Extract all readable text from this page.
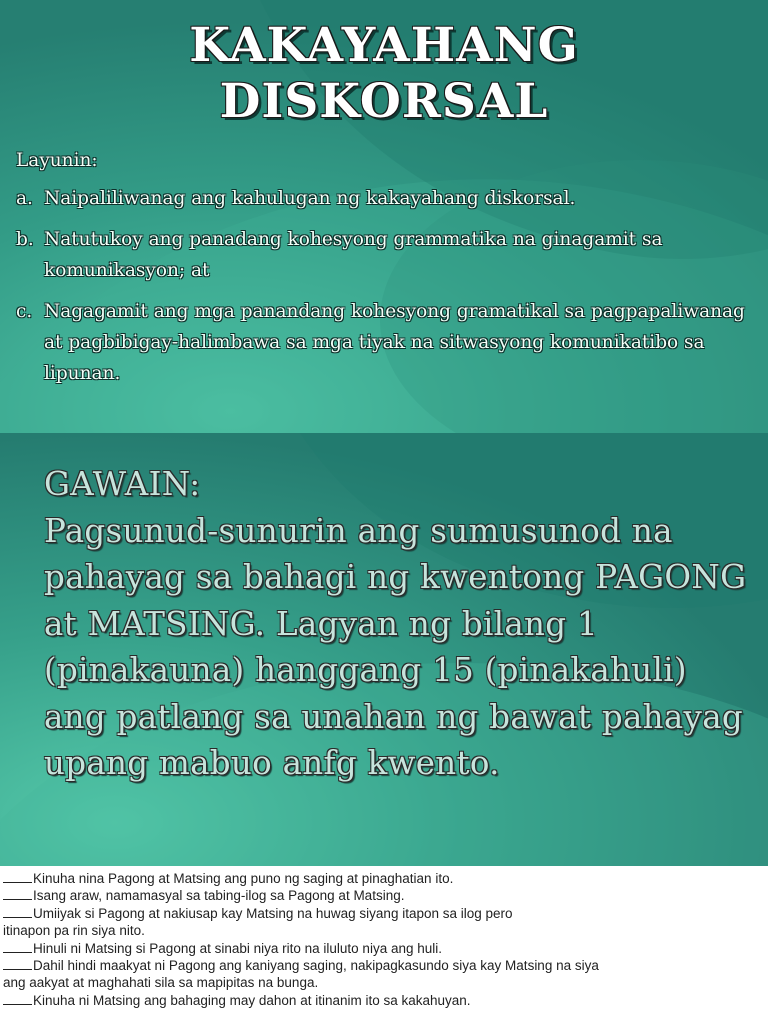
KAKAYAHANG
DISKORSAL
Layunin:
a. Naipaliliwanag ang kahulugan ng kakayahang diskorsal.
b. Natutukoy ang panadang kohesyong grammatika na ginagamit sa komunikasyon; at
c. Nagagamit ang mga panandang kohesyong gramatikal sa pagpapaliwanag at pagbibigay-halimbawa sa mga tiyak na sitwasyong komunikatibo sa lipunan.
GAWAIN:
Pagsunud-sunurin ang sumusunod na pahayag sa bahagi ng kwentong PAGONG at MATSING. Lagyan ng bilang 1 (pinakauna) hanggang 15 (pinakahuli) ang patlang sa unahan ng bawat pahayag upang mabuo anfg kwento.
Kinuha nina Pagong at Matsing ang puno ng saging at pinaghatian ito.
Isang araw, namamasyal sa tabing-ilog sa Pagong at Matsing.
Umiiyak si Pagong at nakiusap kay Matsing na huwag siyang itapon sa ilog pero
itinapon pa rin siya nito.
Hinuli ni Matsing si Pagong at sinabi niya rito na iluluto niya ang huli.
Dahil hindi maakyat ni Pagong ang kaniyang saging, nakipagkasundo siya kay Matsing na siya
ang aakyat at maghahati sila sa mapipitas na bunga.
Kinuha ni Matsing ang bahaging may dahon at itinanim ito sa kakahuyan.
